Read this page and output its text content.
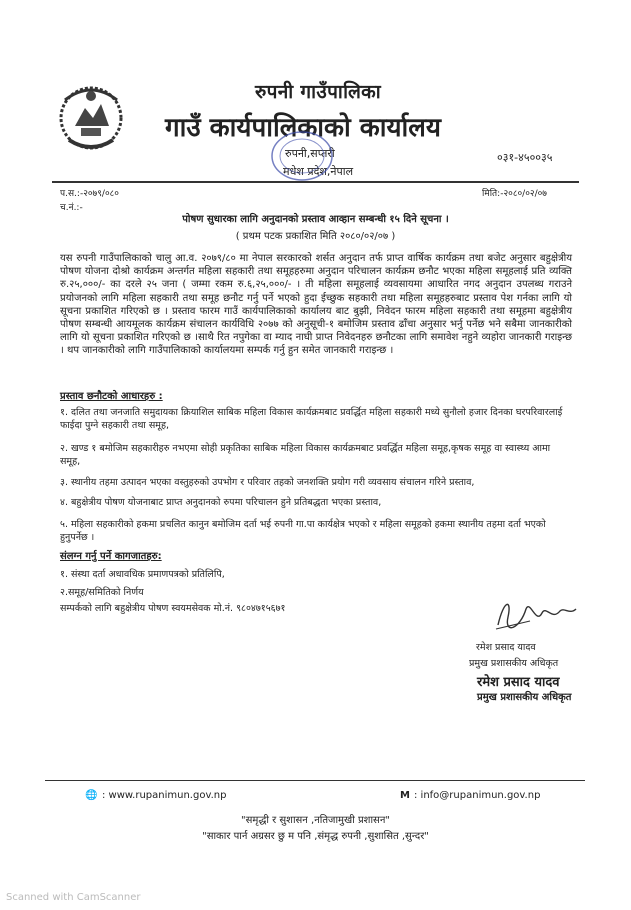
रुपनी गाउँपालिका
गाउँ कार्यपालिकाको कार्यालय
रुपनी,सप्तरी
मधेश प्रदेश,नेपाल
०३१-४५००३५
प.स.:-२०७९/०८०
च.नं.:-
मिति:-२०८०/०२/०७
पोषण सुधारका लागि अनुदानको प्रस्ताव आव्हान सम्बन्धी १५ दिने सूचना ।
( प्रथम पटक प्रकाशित मिति २०८०/०२/०७ )
यस रुपनी गाउँपालिकाको चालु आ.व. २०७९/८० मा नेपाल सरकारको शर्सत अनुदान तर्फ प्राप्त वार्षिक कार्यक्रम तथा बजेट अनुसार बहुक्षेत्रीय पोषण योजना दोश्रो कार्यक्रम अन्तर्गत महिला सहकारी तथा समूहहरुमा अनुदान परिचालन कार्यक्रम छनौट भएका महिला समूहलाई प्रति व्यक्ति रु.२५,०००/- का दरले २५ जना ( जम्मा रकम रु.६,२५,०००/- । ती महिला समूहलाई व्यवसायमा आधारित नगद अनुदान उपलब्ध गराउने प्रयोजनको लागि महिला सहकारी तथा समूह छनौट गर्नु पर्ने भएको हुदा ईच्छुक सहकारी तथा महिला समूहहरुबाट प्रस्ताव पेश गर्नका लागि यो सूचना प्रकाशित गरिएको छ । प्रस्ताव फारम गाउँ कार्यपालिकाको कार्यालय बाट बुझी, निवेदन फारम महिला सहकारी तथा समूहमा बहुक्षेत्रीय पोषण सम्बन्धी आयमूलक कार्यक्रम संचालन कार्यविधि २०७७ को अनुसूची-१ बमोजिम प्रस्ताव ढाँचा अनुसार भर्नु पर्नेछ भने सबैमा जानकारीको लागि यो सूचना प्रकाशित गरिएको छ ।साथै रित नपुगेका वा म्याद नाघी प्राप्त निवेदनहरु छनौटका लागि समावेश नहुने व्यहोरा जानकारी गराइन्छ । थप जानकारीको लागि गाउँपालिकाको कार्यालयमा सम्पर्क गर्नु हुन समेत जानकारी गराइन्छ ।
प्रस्ताव छनौटको आधारहरु :
१. दलित तथा जनजाति समुदायका क्रियाशिल साबिक महिला विकास कार्यक्रमबाट प्रवर्द्धित महिला सहकारी मध्ये सुनौलो हजार दिनका घरपरिवारलाई फाईदा पुग्ने सहकारी तथा समूह,
२. खण्ड १ बमोजिम सहकारीहरु नभएमा सोही प्रकृतिका साबिक महिला विकास कार्यक्रमबाट प्रवर्द्धित महिला समूह,कृषक समूह वा स्वास्थ्य आमा समूह,
३. स्थानीय तहमा उत्पादन भएका वस्तुहरुको उपभोग र परिवार तहको जनशक्ति प्रयोग गरी व्यवसाय संचालन गरिने प्रस्ताव,
४. बहुक्षेत्रीय पोषण योजनाबाट प्राप्त अनुदानको रुपमा परिचालन हुने प्रतिबद्धता भएका प्रस्ताव,
५. महिला सहकारीको हकमा प्रचलित कानुन बमोजिम दर्ता भई रुपनी गा.पा कार्यक्षेत्र भएको र महिला समूहको हकमा स्थानीय तहमा दर्ता भएको हुनुपर्नेछ ।
संलग्न गर्नु पर्ने कागजातहरु:
१. संस्था दर्ता अधावधिक प्रमाणपत्रको प्रतिलिपि,
२.समूह/समितिको निर्णय
सम्पर्कको लागि बहुक्षेत्रीय पोषण स्वयमसेवक मो.नं. ९८०४७१५६७१
रमेश प्रसाद यादव
प्रमुख प्रशासकीय अधिकृत
रमेश प्रसाद यादव
प्रमुख प्रशासकीय अधिकृत
🌐 : www.rupanimun.gov.np	M : info@rupanimun.gov.np
"समृद्धी र सुशासन ,नतिजामुखी प्रशासन"
"साकार पार्न अग्रसर छु म पनि ,संमृद्ध रुपनी ,सुशासित ,सुन्दर"
Scanned with CamScanner
